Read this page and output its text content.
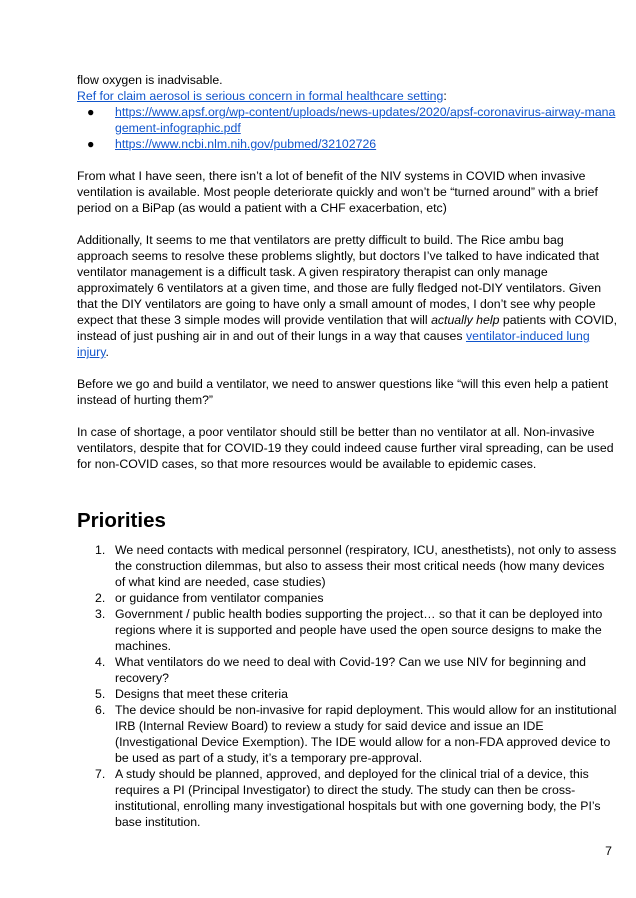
flow oxygen is inadvisable.

Ref for claim aerosol is serious concern in formal healthcare setting:

● https://www.apsf.org/wp-content/uploads/news-updates/2020/apsf-coronavirus-airway-management-infographic.pdf
● https://www.ncbi.nlm.nih.gov/pubmed/32102726

From what I have seen, there isn’t a lot of benefit of the NIV systems in COVID when invasive ventilation is available. Most people deteriorate quickly and won’t be “turned around” with a brief period on a BiPap (as would a patient with a CHF exacerbation, etc)

Additionally, It seems to me that ventilators are pretty difficult to build. The Rice ambu bag approach seems to resolve these problems slightly, but doctors I’ve talked to have indicated that ventilator management is a difficult task. A given respiratory therapist can only manage approximately 6 ventilators at a given time, and those are fully fledged not-DIY ventilators. Given that the DIY ventilators are going to have only a small amount of modes, I don’t see why people expect that these 3 simple modes will provide ventilation that will actually help patients with COVID, instead of just pushing air in and out of their lungs in a way that causes ventilator-induced lung injury.

Before we go and build a ventilator, we need to answer questions like “will this even help a patient instead of hurting them?”

In case of shortage, a poor ventilator should still be better than no ventilator at all. Non-invasive ventilators, despite that for COVID-19 they could indeed cause further viral spreading, can be used for non-COVID cases, so that more resources would be available to epidemic cases.

Priorities
1. We need contacts with medical personnel (respiratory, ICU, anesthetists), not only to assess the construction dilemmas, but also to assess their most critical needs (how many devices of what kind are needed, case studies)
2. or guidance from ventilator companies
3. Government / public health bodies supporting the project… so that it can be deployed into regions where it is supported and people have used the open source designs to make the machines.
4. What ventilators do we need to deal with Covid-19? Can we use NIV for beginning and recovery?
5. Designs that meet these criteria
6. The device should be non-invasive for rapid deployment. This would allow for an institutional IRB (Internal Review Board) to review a study for said device and issue an IDE (Investigational Device Exemption). The IDE would allow for a non-FDA approved device to be used as part of a study, it’s a temporary pre-approval.
7. A study should be planned, approved, and deployed for the clinical trial of a device, this requires a PI (Principal Investigator) to direct the study. The study can then be cross-institutional, enrolling many investigational hospitals but with one governing body, the PI’s base institution.
7
